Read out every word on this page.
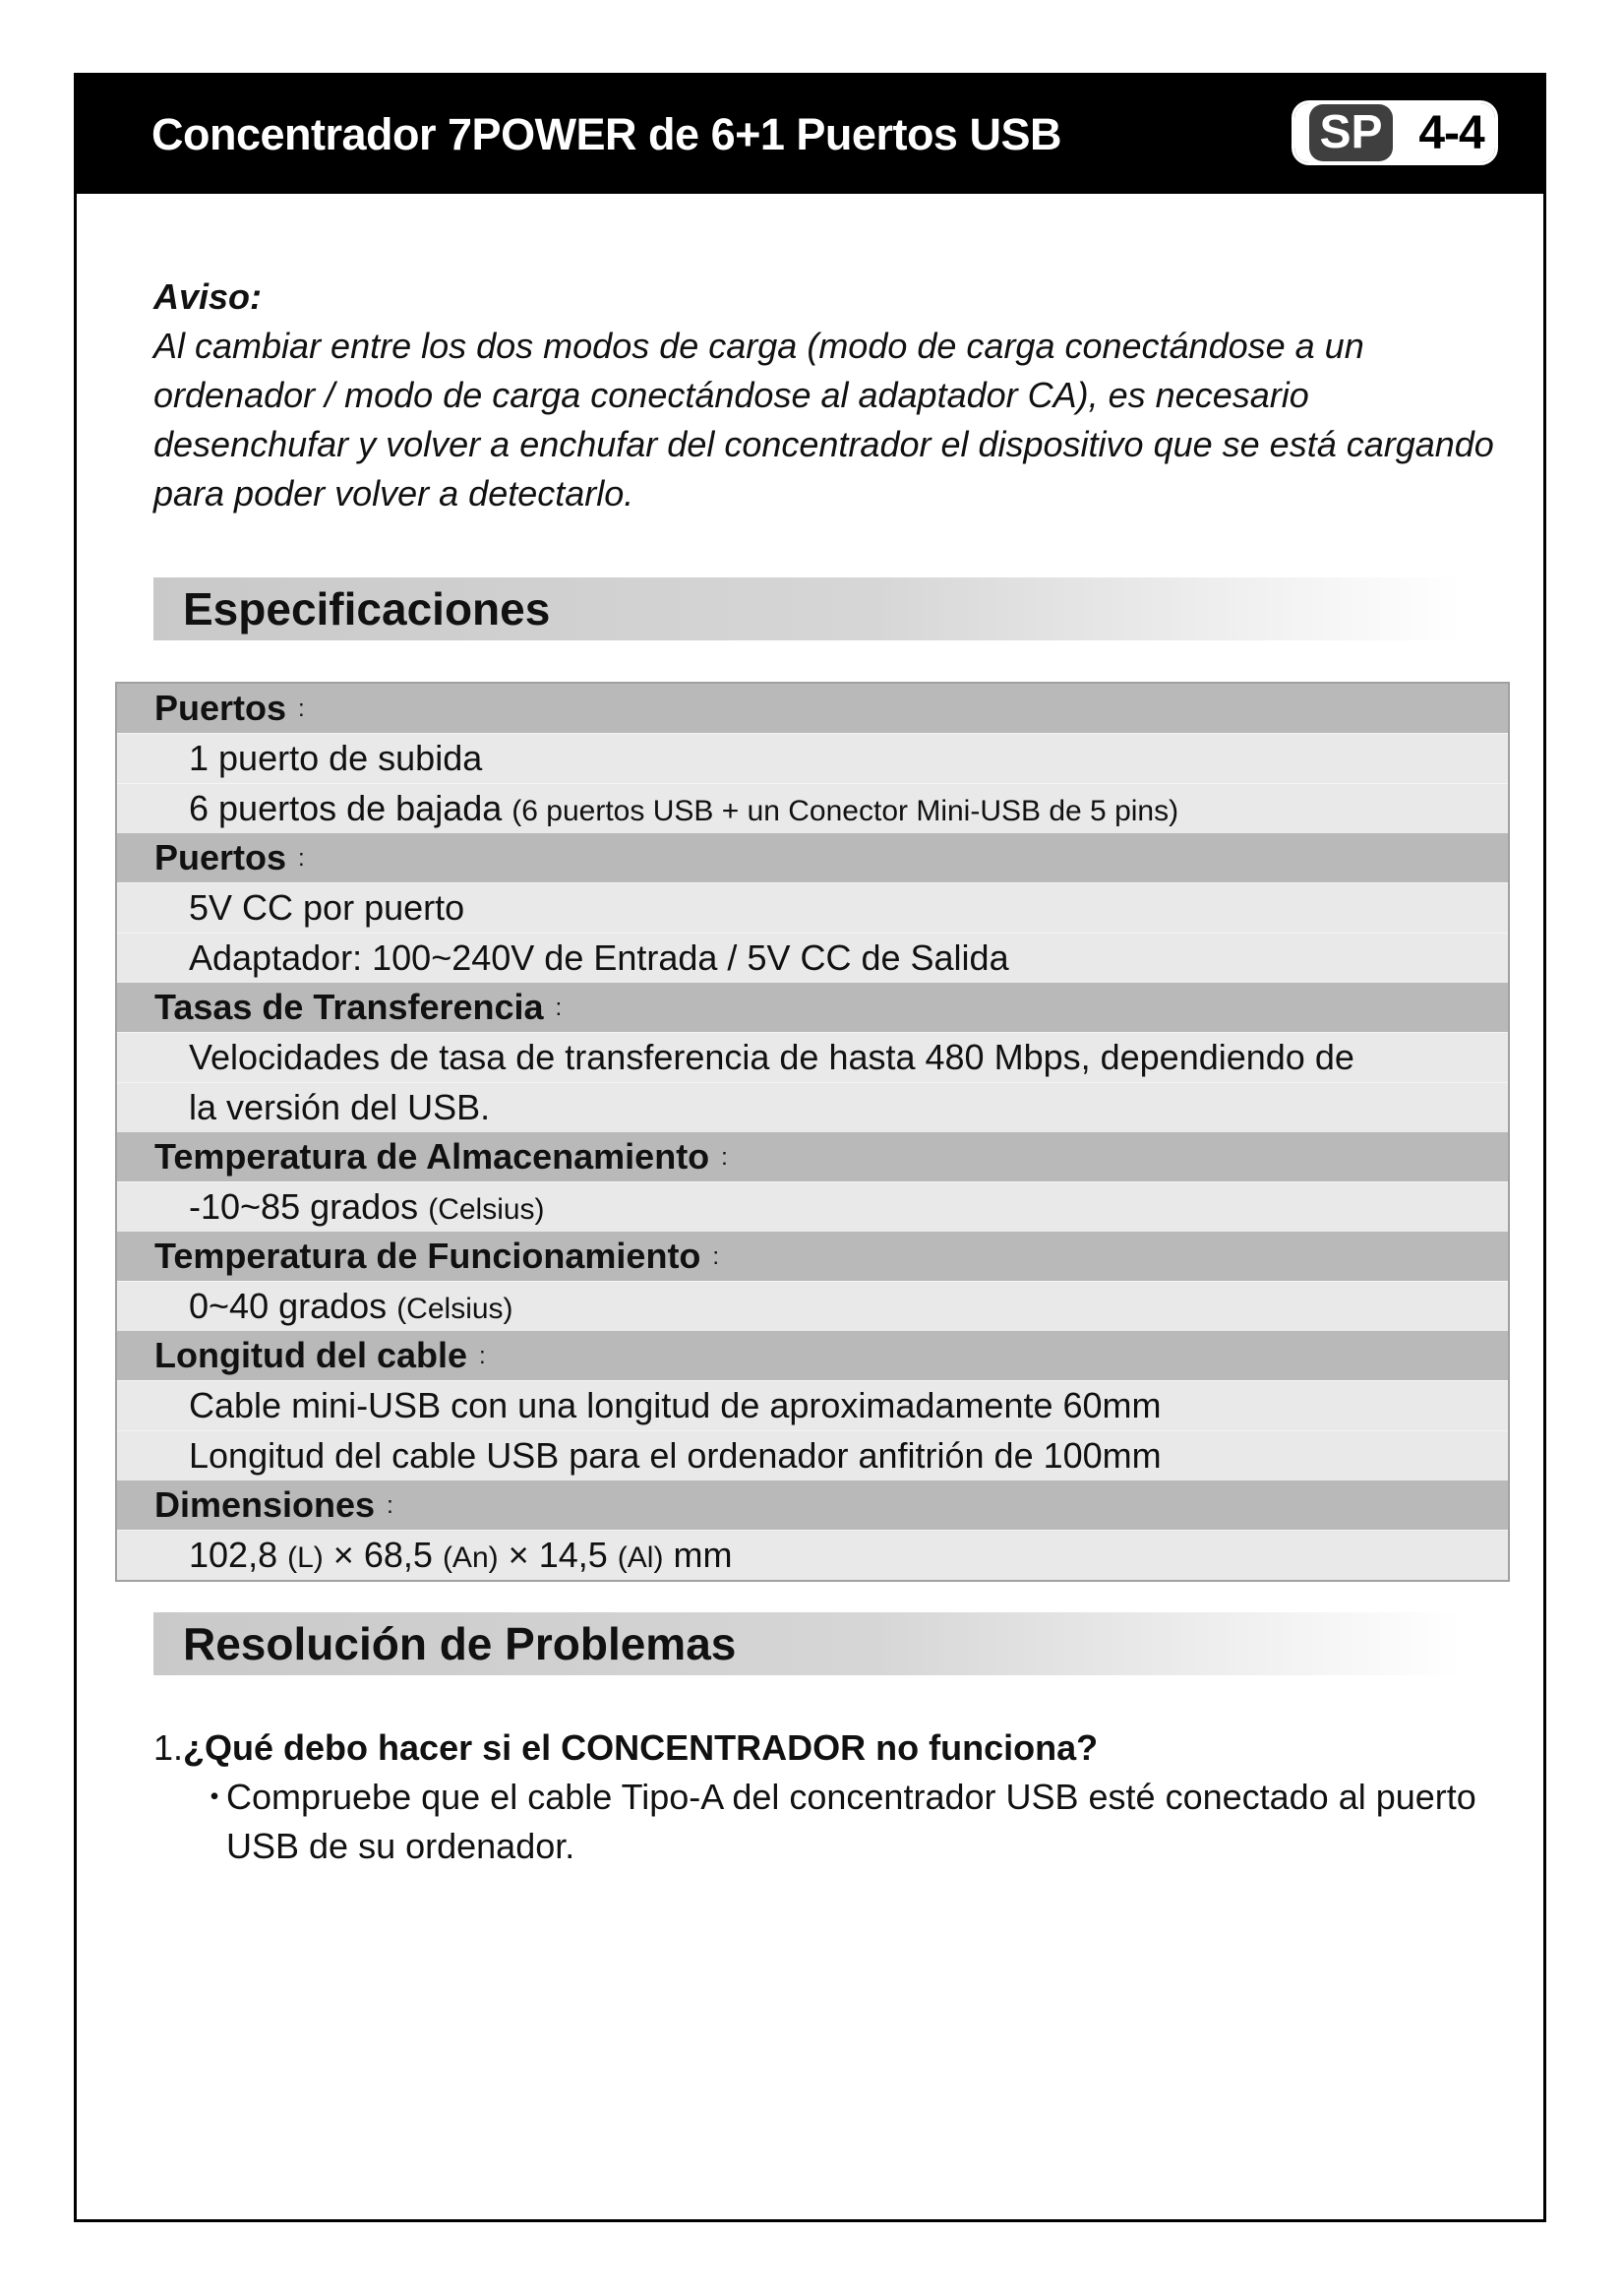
Concentrador 7POWER de 6+1 Puertos USB	SP 4-4
Aviso:

Al cambiar entre los dos modos de carga (modo de carga conectándose a un ordenador / modo de carga conectándose al adaptador CA), es necesario desenchufar y volver a enchufar del concentrador el dispositivo que se está cargando para poder volver a detectarlo.

Especificaciones
Puertos :
1 puerto de subida
6 puertos de bajada (6 puertos USB + un Conector Mini-USB de 5 pins)
Puertos :
5V CC por puerto
Adaptador: 100~240V de Entrada / 5V CC de Salida
Tasas de Transferencia :
Velocidades de tasa de transferencia de hasta 480 Mbps, dependiendo de
la versión del USB.
Temperatura de Almacenamiento :
-10~85 grados (Celsius)
Temperatura de Funcionamiento :
0~40 grados (Celsius)
Longitud del cable :
Cable mini-USB con una longitud de aproximadamente 60mm
Longitud del cable USB para el ordenador anfitrión de 100mm
Dimensiones :
102,8 (L) × 68,5 (An) × 14,5 (Al) mm
Resolución de Problemas
1.¿Qué debo hacer si el CONCENTRADOR no funciona?
・
Compruebe que el cable Tipo-A del concentrador USB esté conectado al puerto USB de su ordenador.
